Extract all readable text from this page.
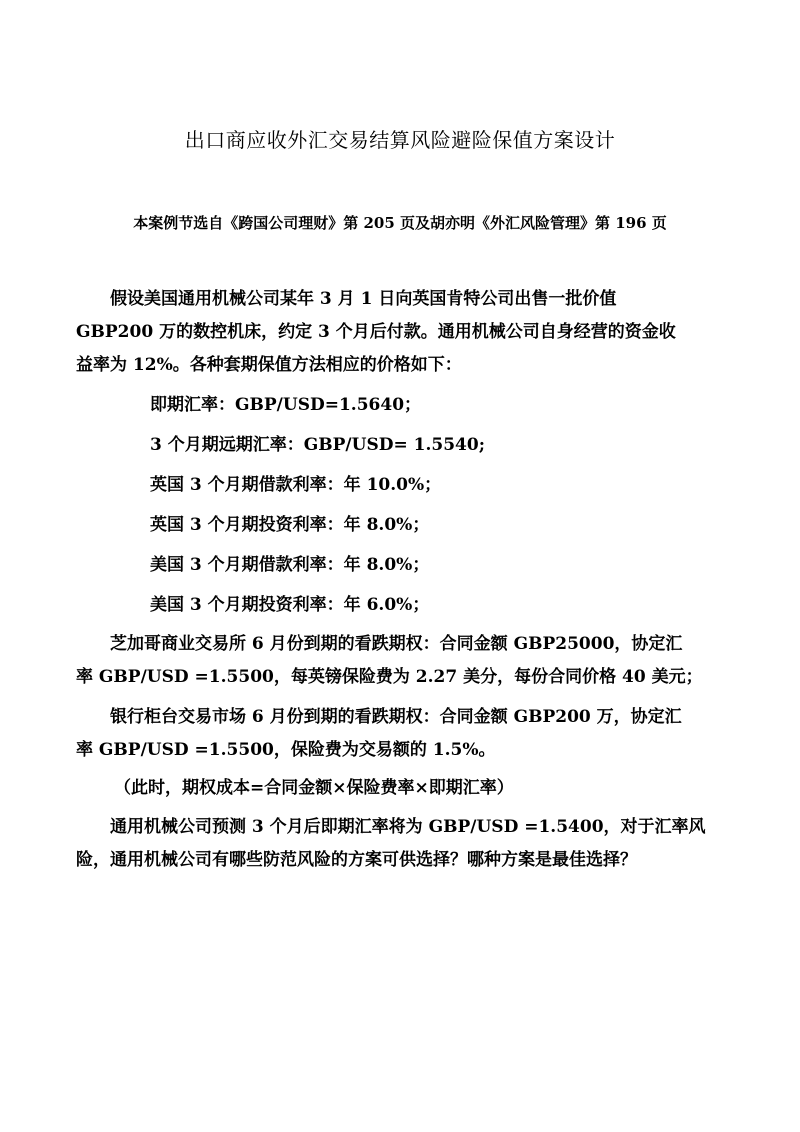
出口商应收外汇交易结算风险避险保值方案设计

本案例节选自《跨国公司理财》第 205 页及胡亦明《外汇风险管理》第 196 页

假设美国通用机械公司某年 3 月 1 日向英国肯特公司出售一批价值
GBP200 万的数控机床，约定 3 个月后付款。通用机械公司自身经营的资金收
益率为 12%。各种套期保值方法相应的价格如下：

即期汇率：GBP/USD=1.5640；

3 个月期远期汇率：GBP/USD= 1.5540;

英国 3 个月期借款利率：年 10.0%；

英国 3 个月期投资利率：年 8.0%；

美国 3 个月期借款利率：年 8.0%；

美国 3 个月期投资利率：年 6.0%；

芝加哥商业交易所 6 月份到期的看跌期权：合同金额 GBP25000，协定汇
率 GBP/USD =1.5500，每英镑保险费为 2.27 美分，每份合同价格 40 美元；
银行柜台交易市场 6 月份到期的看跌期权：合同金额 GBP200 万，协定汇
率 GBP/USD =1.5500，保险费为交易额的 1.5%。

（此时，期权成本=合同金额×保险费率×即期汇率）

通用机械公司预测 3 个月后即期汇率将为 GBP/USD =1.5400，对于汇率风
险，通用机械公司有哪些防范风险的方案可供选择？哪种方案是最佳选择？
